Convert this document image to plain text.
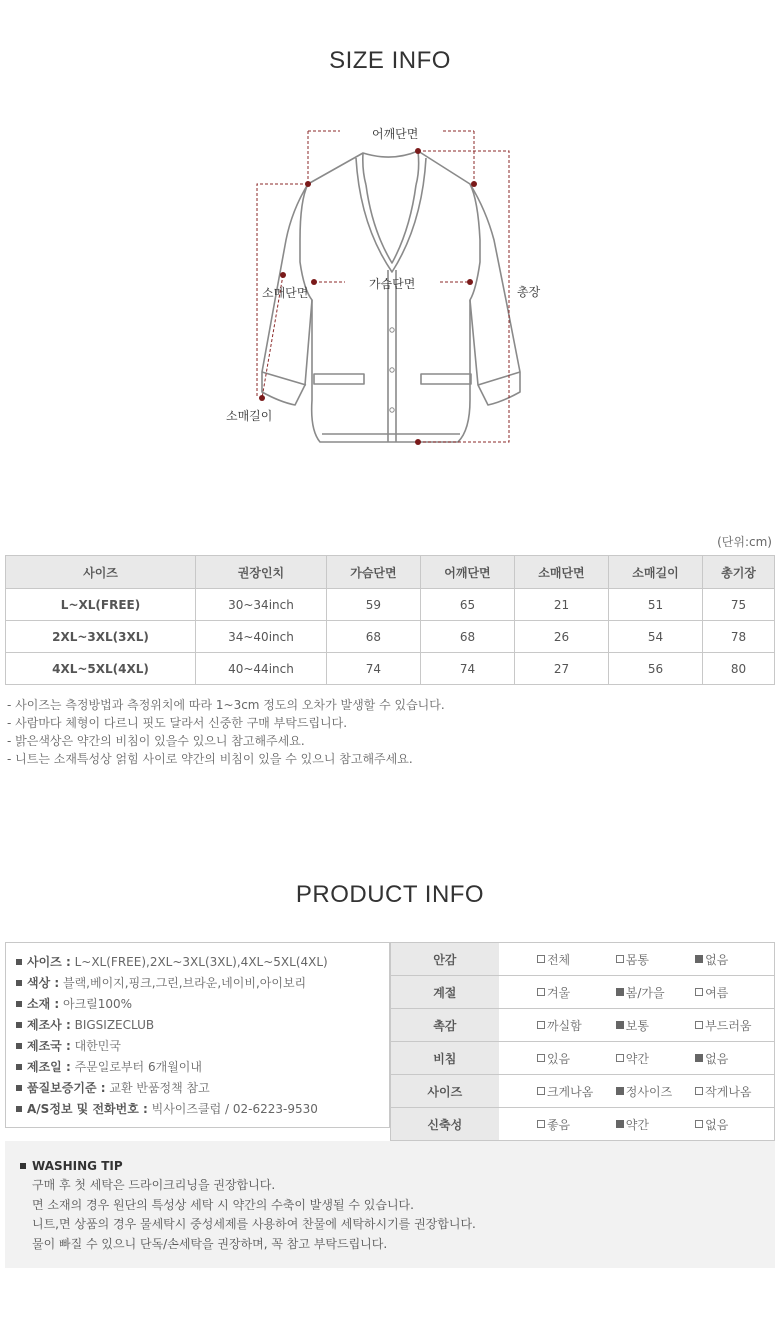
SIZE INFO
어깨단면
가슴단면
소매단면
소매길이
총장
(단위:cm)
사이즈	권장인치	가슴단면	어깨단면	소매단면	소매길이	총기장
L~XL(FREE)	30~34inch	59	65	21	51	75
2XL~3XL(3XL)	34~40inch	68	68	26	54	78
4XL~5XL(4XL)	40~44inch	74	74	27	56	80
- 사이즈는 측정방법과 측정위치에 따라 1~3cm 정도의 오차가 발생할 수 있습니다.
- 사람마다 체형이 다르니 핏도 달라서 신중한 구매 부탁드립니다.
- 밝은색상은 약간의 비침이 있을수 있으니 참고해주세요.
- 니트는 소재특성상 얽힘 사이로 약간의 비침이 있을 수 있으니 참고해주세요.
PRODUCT INFO
사이즈 : L~XL(FREE),2XL~3XL(3XL),4XL~5XL(4XL)
색상 : 블랙,베이지,핑크,그린,브라운,네이비,아이보리
소재 : 아크릴100%
제조사 : BIGSIZECLUB
제조국 : 대한민국
제조일 : 주문일로부터 6개월이내
품질보증기준 : 교환 반품정책 참고
A/S정보 및 전화번호 : 빅사이즈클럽 / 02-6223-9530
안감		전체	몸통	없음
계절		겨울	봄/가을	여름
촉감		까실함	보통	부드러움
비침		있음	약간	없음
사이즈		크게나옴	정사이즈	작게나옴
신축성		좋음	약간	없음
WASHING TIP
구매 후 첫 세탁은 드라이크리닝을 권장합니다.
면 소재의 경우 원단의 특성상 세탁 시 약간의 수축이 발생될 수 있습니다.
니트,면 상품의 경우 물세탁시 중성세제를 사용하여 찬물에 세탁하시기를 권장합니다.
물이 빠질 수 있으니 단독/손세탁을 권장하며, 꼭 참고 부탁드립니다.
